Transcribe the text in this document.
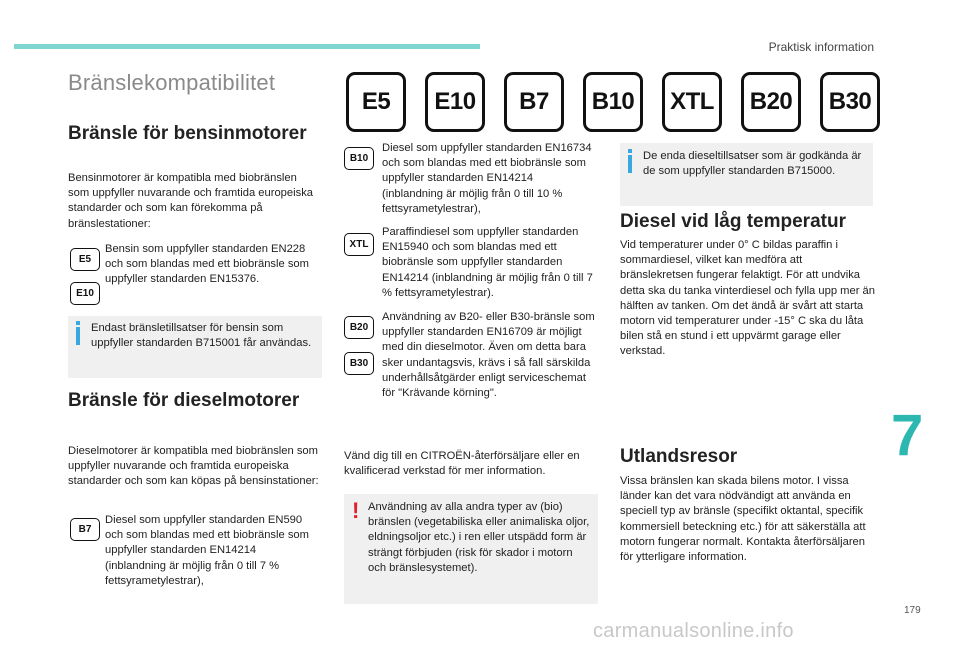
Praktisk information
Bränslekompatibilitet
E5	E10	B7	B10	XTL	B20	B30
Bränsle för bensinmotorer
Bensinmotorer är kompatibla med biobränslen som uppfyller nuvarande och framtida europeiska standarder och som kan förekomma på bränslestationer:
E5
E10
Bensin som uppfyller standarden EN228 och som blandas med ett biobränsle som uppfyller standarden EN15376.
Endast bränsletillsatser för bensin som uppfyller standarden B715001 får användas.
Bränsle för dieselmotorer
Dieselmotorer är kompatibla med biobränslen som uppfyller nuvarande och framtida europeiska standarder och som kan köpas på bensinstationer:
B7
Diesel som uppfyller standarden EN590 och som blandas med ett biobränsle som uppfyller standarden EN14214 (inblandning är möjlig från 0 till 7 % fettsyrametylestrar),
B10
Diesel som uppfyller standarden EN16734 och som blandas med ett biobränsle som uppfyller standarden EN14214 (inblandning är möjlig från 0 till 10 % fettsyrametylestrar),
XTL
Paraffindiesel som uppfyller standarden EN15940 och som blandas med ett biobränsle som uppfyller standarden EN14214 (inblandning är möjlig från 0 till 7 % fettsyrametylestrar).
B20
B30
Användning av B20- eller B30-bränsle som uppfyller standarden EN16709 är möjligt med din dieselmotor. Även om detta bara sker undantagsvis, krävs i så fall särskilda underhållsåtgärder enligt serviceschemat för "Krävande körning".
Vänd dig till en CITROËN-återförsäljare eller en kvalificerad verkstad för mer information.
! Användning av alla andra typer av (bio) bränslen (vegetabiliska eller animaliska oljor, eldningsoljor etc.) i ren eller utspädd form är strängt förbjuden (risk för skador i motorn och bränslesystemet).
De enda dieseltillsatser som är godkända är de som uppfyller standarden B715000.
Diesel vid låg temperatur
Vid temperaturer under 0° C bildas paraffin i sommardiesel, vilket kan medföra att bränslekretsen fungerar felaktigt. För att undvika detta ska du tanka vinterdiesel och fylla upp mer än hälften av tanken. Om det ändå är svårt att starta motorn vid temperaturer under -15° C ska du låta bilen stå en stund i ett uppvärmt garage eller verkstad.
Utlandsresor
Vissa bränslen kan skada bilens motor. I vissa länder kan det vara nödvändigt att använda en speciell typ av bränsle (specifikt oktantal, specifik kommersiell beteckning etc.) för att säkerställa att motorn fungerar normalt. Kontakta återförsäljaren för ytterligare information.
7
179
carmanualsonline.info
